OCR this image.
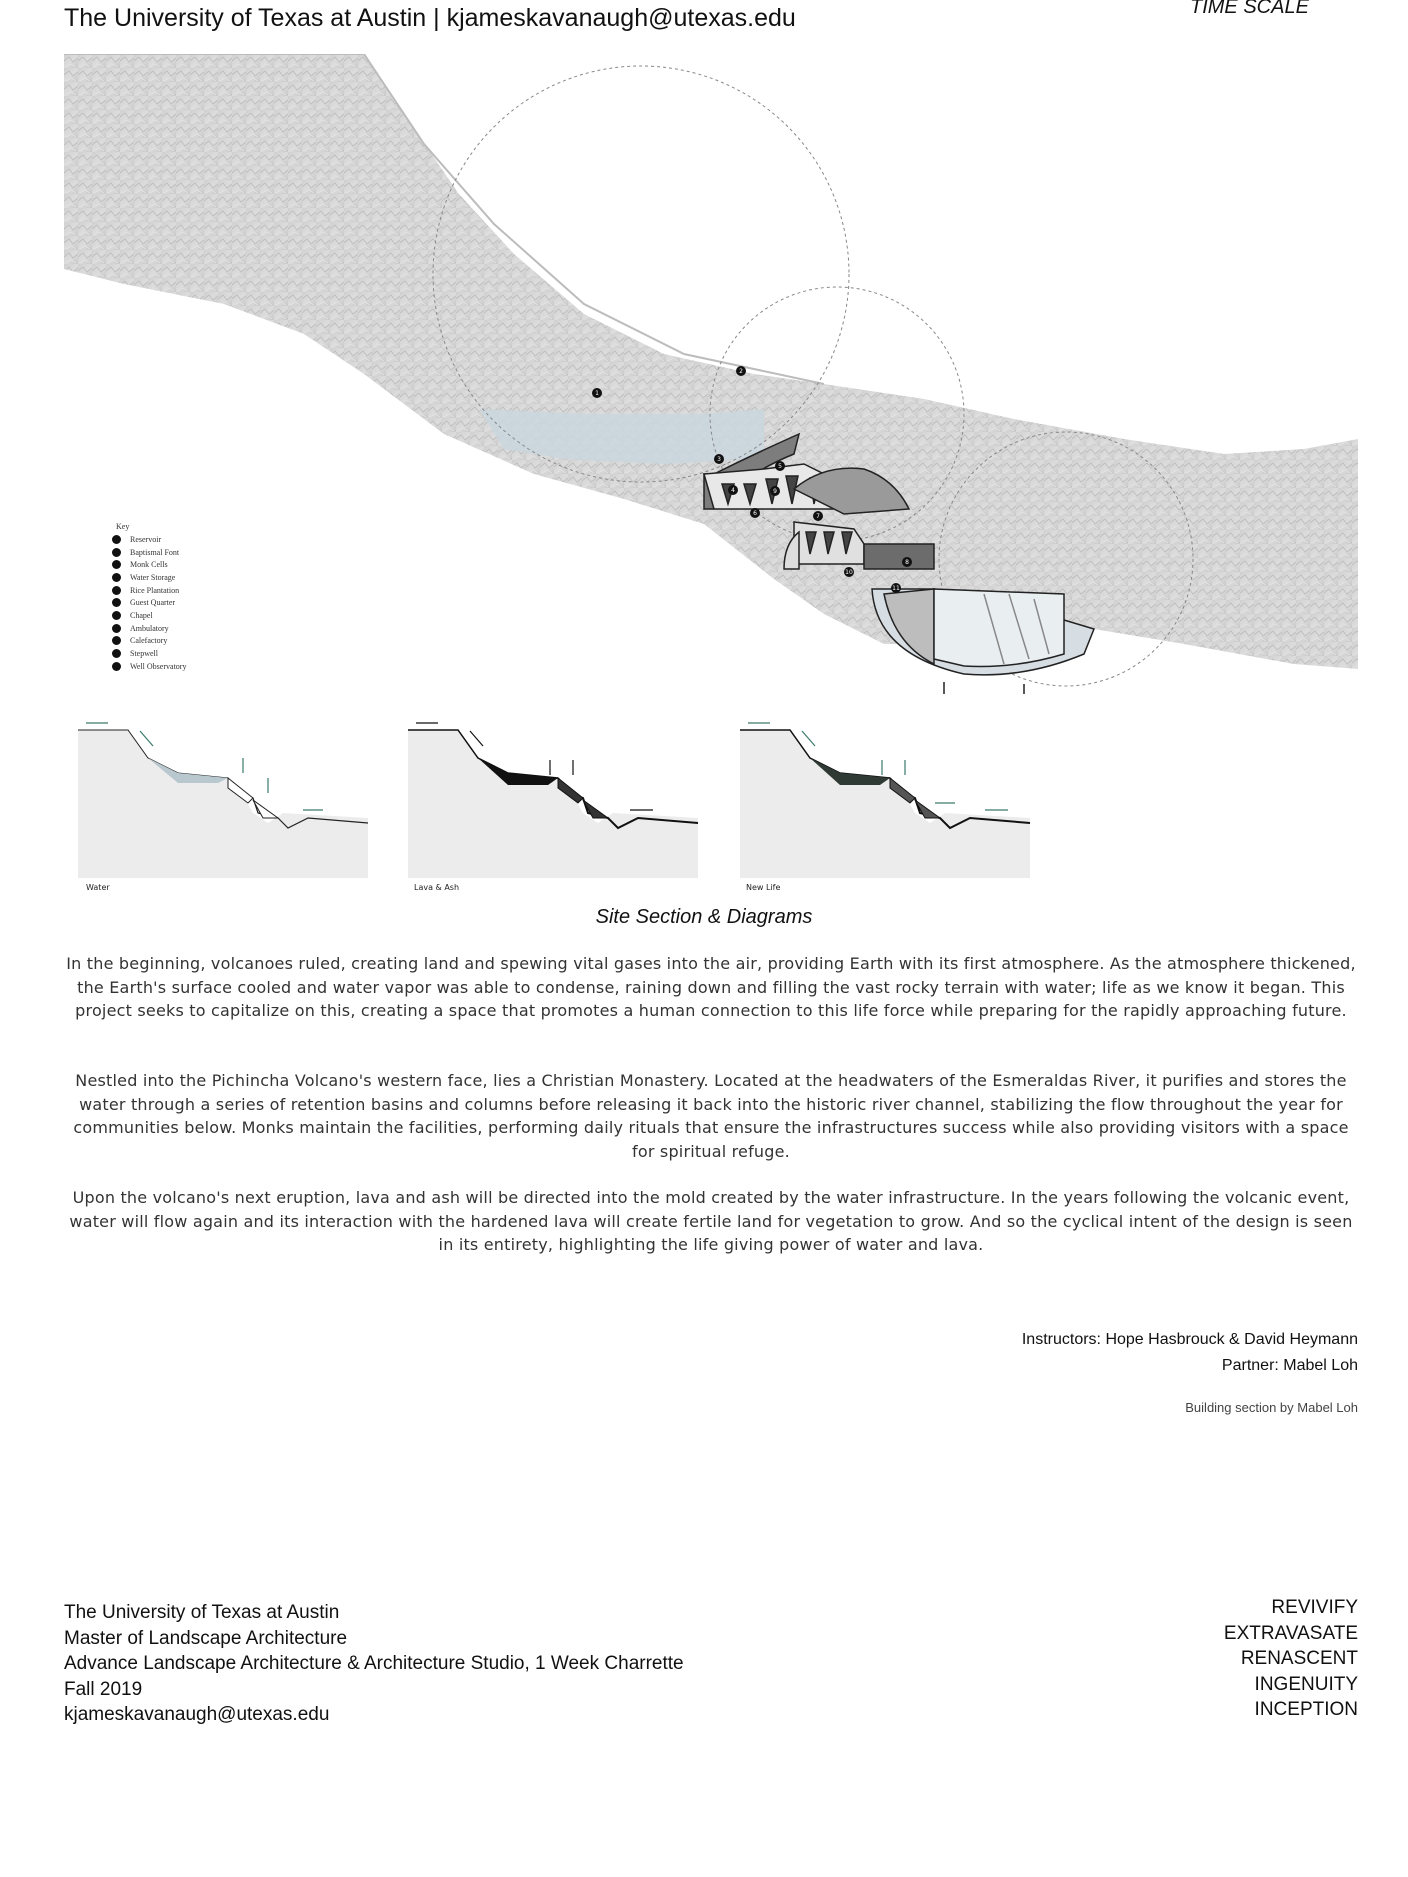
The University of Texas at Austin | kjameskavanaugh@utexas.edu	TIME SCALE
1
2
3
4
5
6	7
8
9
10
11
Key
Reservoir
Baptismal Font
Monk Cells
Water Storage
Rice Plantation
Guest Quarter
Chapel
Ambulatory
Calefactory
Stepwell
Well Observatory
Water	Lava & Ash	New Life
Site Section & Diagrams

In the beginning, volcanoes ruled, creating land and spewing vital gases into the air, providing Earth with its first atmosphere. As the atmosphere thickened, the Earth's surface cooled and water vapor was able to condense, raining down and filling the vast rocky terrain with water; life as we know it began. This project seeks to capitalize on this, creating a space that promotes a human connection to this life force while preparing for the rapidly approaching future.

Nestled into the Pichincha Volcano's western face, lies a Christian Monastery. Located at the headwaters of the Esmeraldas River, it purifies and stores the water through a series of retention basins and columns before releasing it back into the historic river channel, stabilizing the flow throughout the year for communities below. Monks maintain the facilities, performing daily rituals that ensure the infrastructures success while also providing visitors with a space for spiritual refuge.

Upon the volcano's next eruption, lava and ash will be directed into the mold created by the water infrastructure. In the years following the volcanic event, water will flow again and its interaction with the hardened lava will create fertile land for vegetation to grow. And so the cyclical intent of the design is seen in its entirety, highlighting the life giving power of water and lava.

Instructors: Hope Hasbrouck & David Heymann
Partner: Mabel Loh
Building section by Mabel Loh
The University of Texas at Austin
Master of Landscape Architecture
Advance Landscape Architecture & Architecture Studio, 1 Week Charrette
Fall 2019
kjameskavanaugh@utexas.edu
REVIVIFY
EXTRAVASATE
RENASCENT
INGENUITY
INCEPTION
